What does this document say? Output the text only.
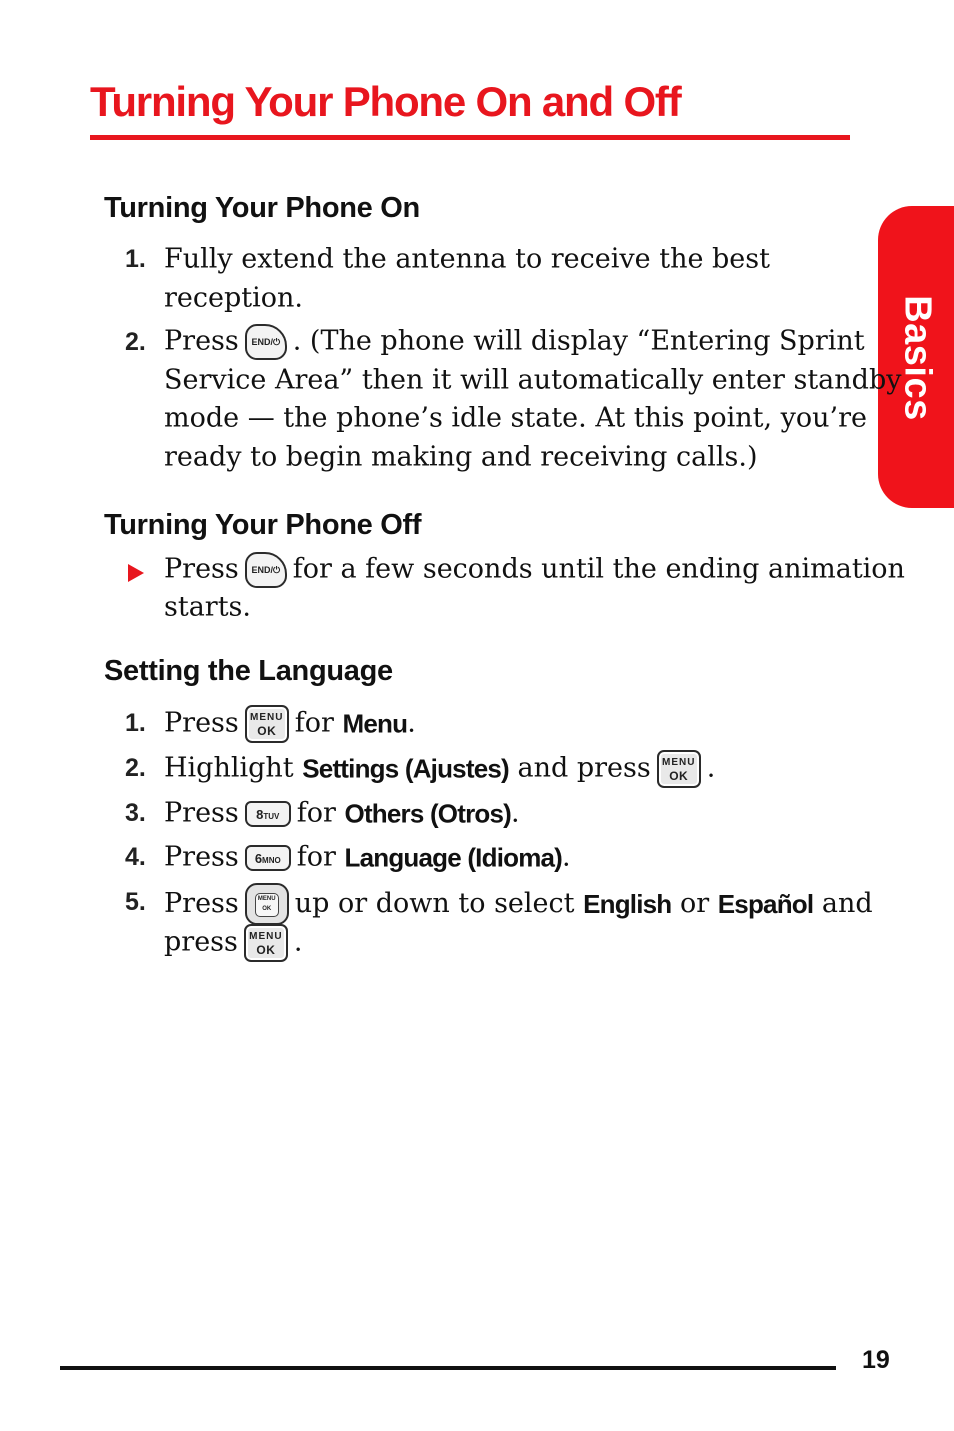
Turning Your Phone On and Off
Basics
Turning Your Phone On
1. Fully extend the antenna to receive the best
reception.
2. Press END/⏻ . (The phone will display “Entering Sprint
Service Area” then it will automatically enter standby
mode — the phone’s idle state. At this point, you’re
ready to begin making and receiving calls.)
Turning Your Phone Off
Press END/⏻ for a few seconds until the ending animation
starts.
Setting the Language
1. Press MENU
OK for Menu.
2. Highlight Settings (Ajustes) and press MENU
OK .
3. Press 8TUV for Others (Otros).
4. Press 6MNO for Language (Idioma).
5. Press	MENU
OK up or down to select English or Español and
press MENU
OK .
19
